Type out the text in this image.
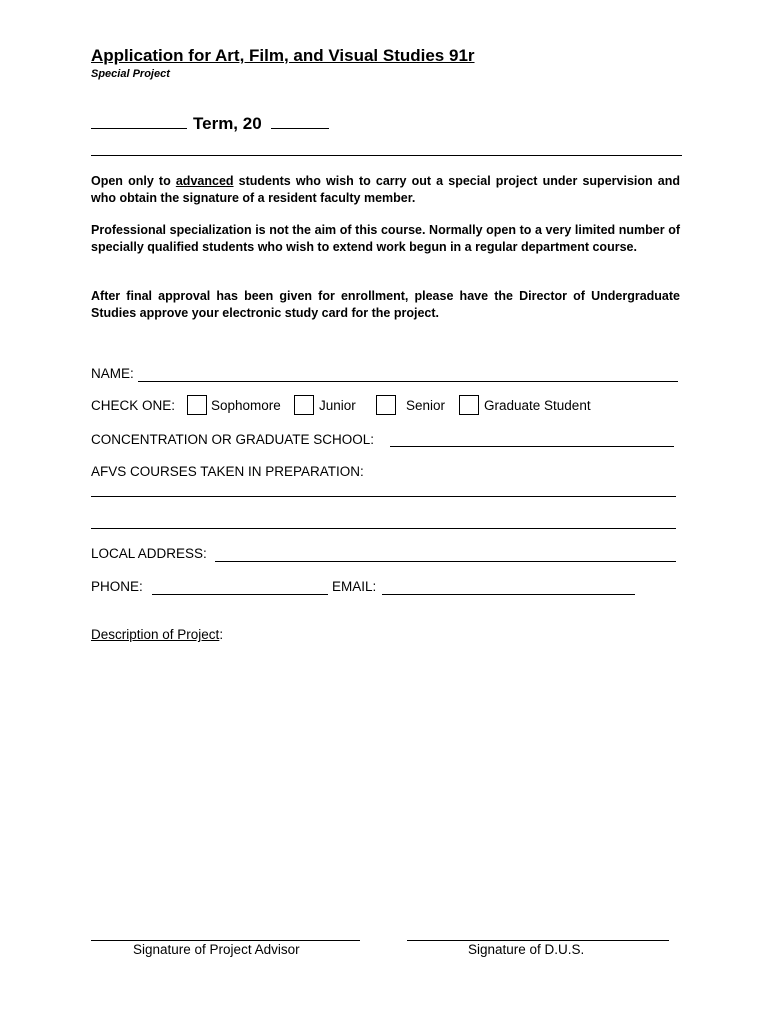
Application for Art, Film, and Visual Studies 91r
Special Project
Term, 20
Open only to advanced students who wish to carry out a special project under supervision and who obtain the signature of a resident faculty member.
Professional specialization is not the aim of this course. Normally open to a very limited number of specially qualified students who wish to extend work begun in a regular department course.
After final approval has been given for enrollment, please have the Director of Undergraduate Studies approve your electronic study card for the project.
NAME:
CHECK ONE:	Sophomore	Junior	Senior	Graduate Student
CONCENTRATION OR GRADUATE SCHOOL:
AFVS COURSES TAKEN IN PREPARATION:
LOCAL ADDRESS:
PHONE:	EMAIL:
Description of Project:
Signature of Project Advisor	Signature of D.U.S.
